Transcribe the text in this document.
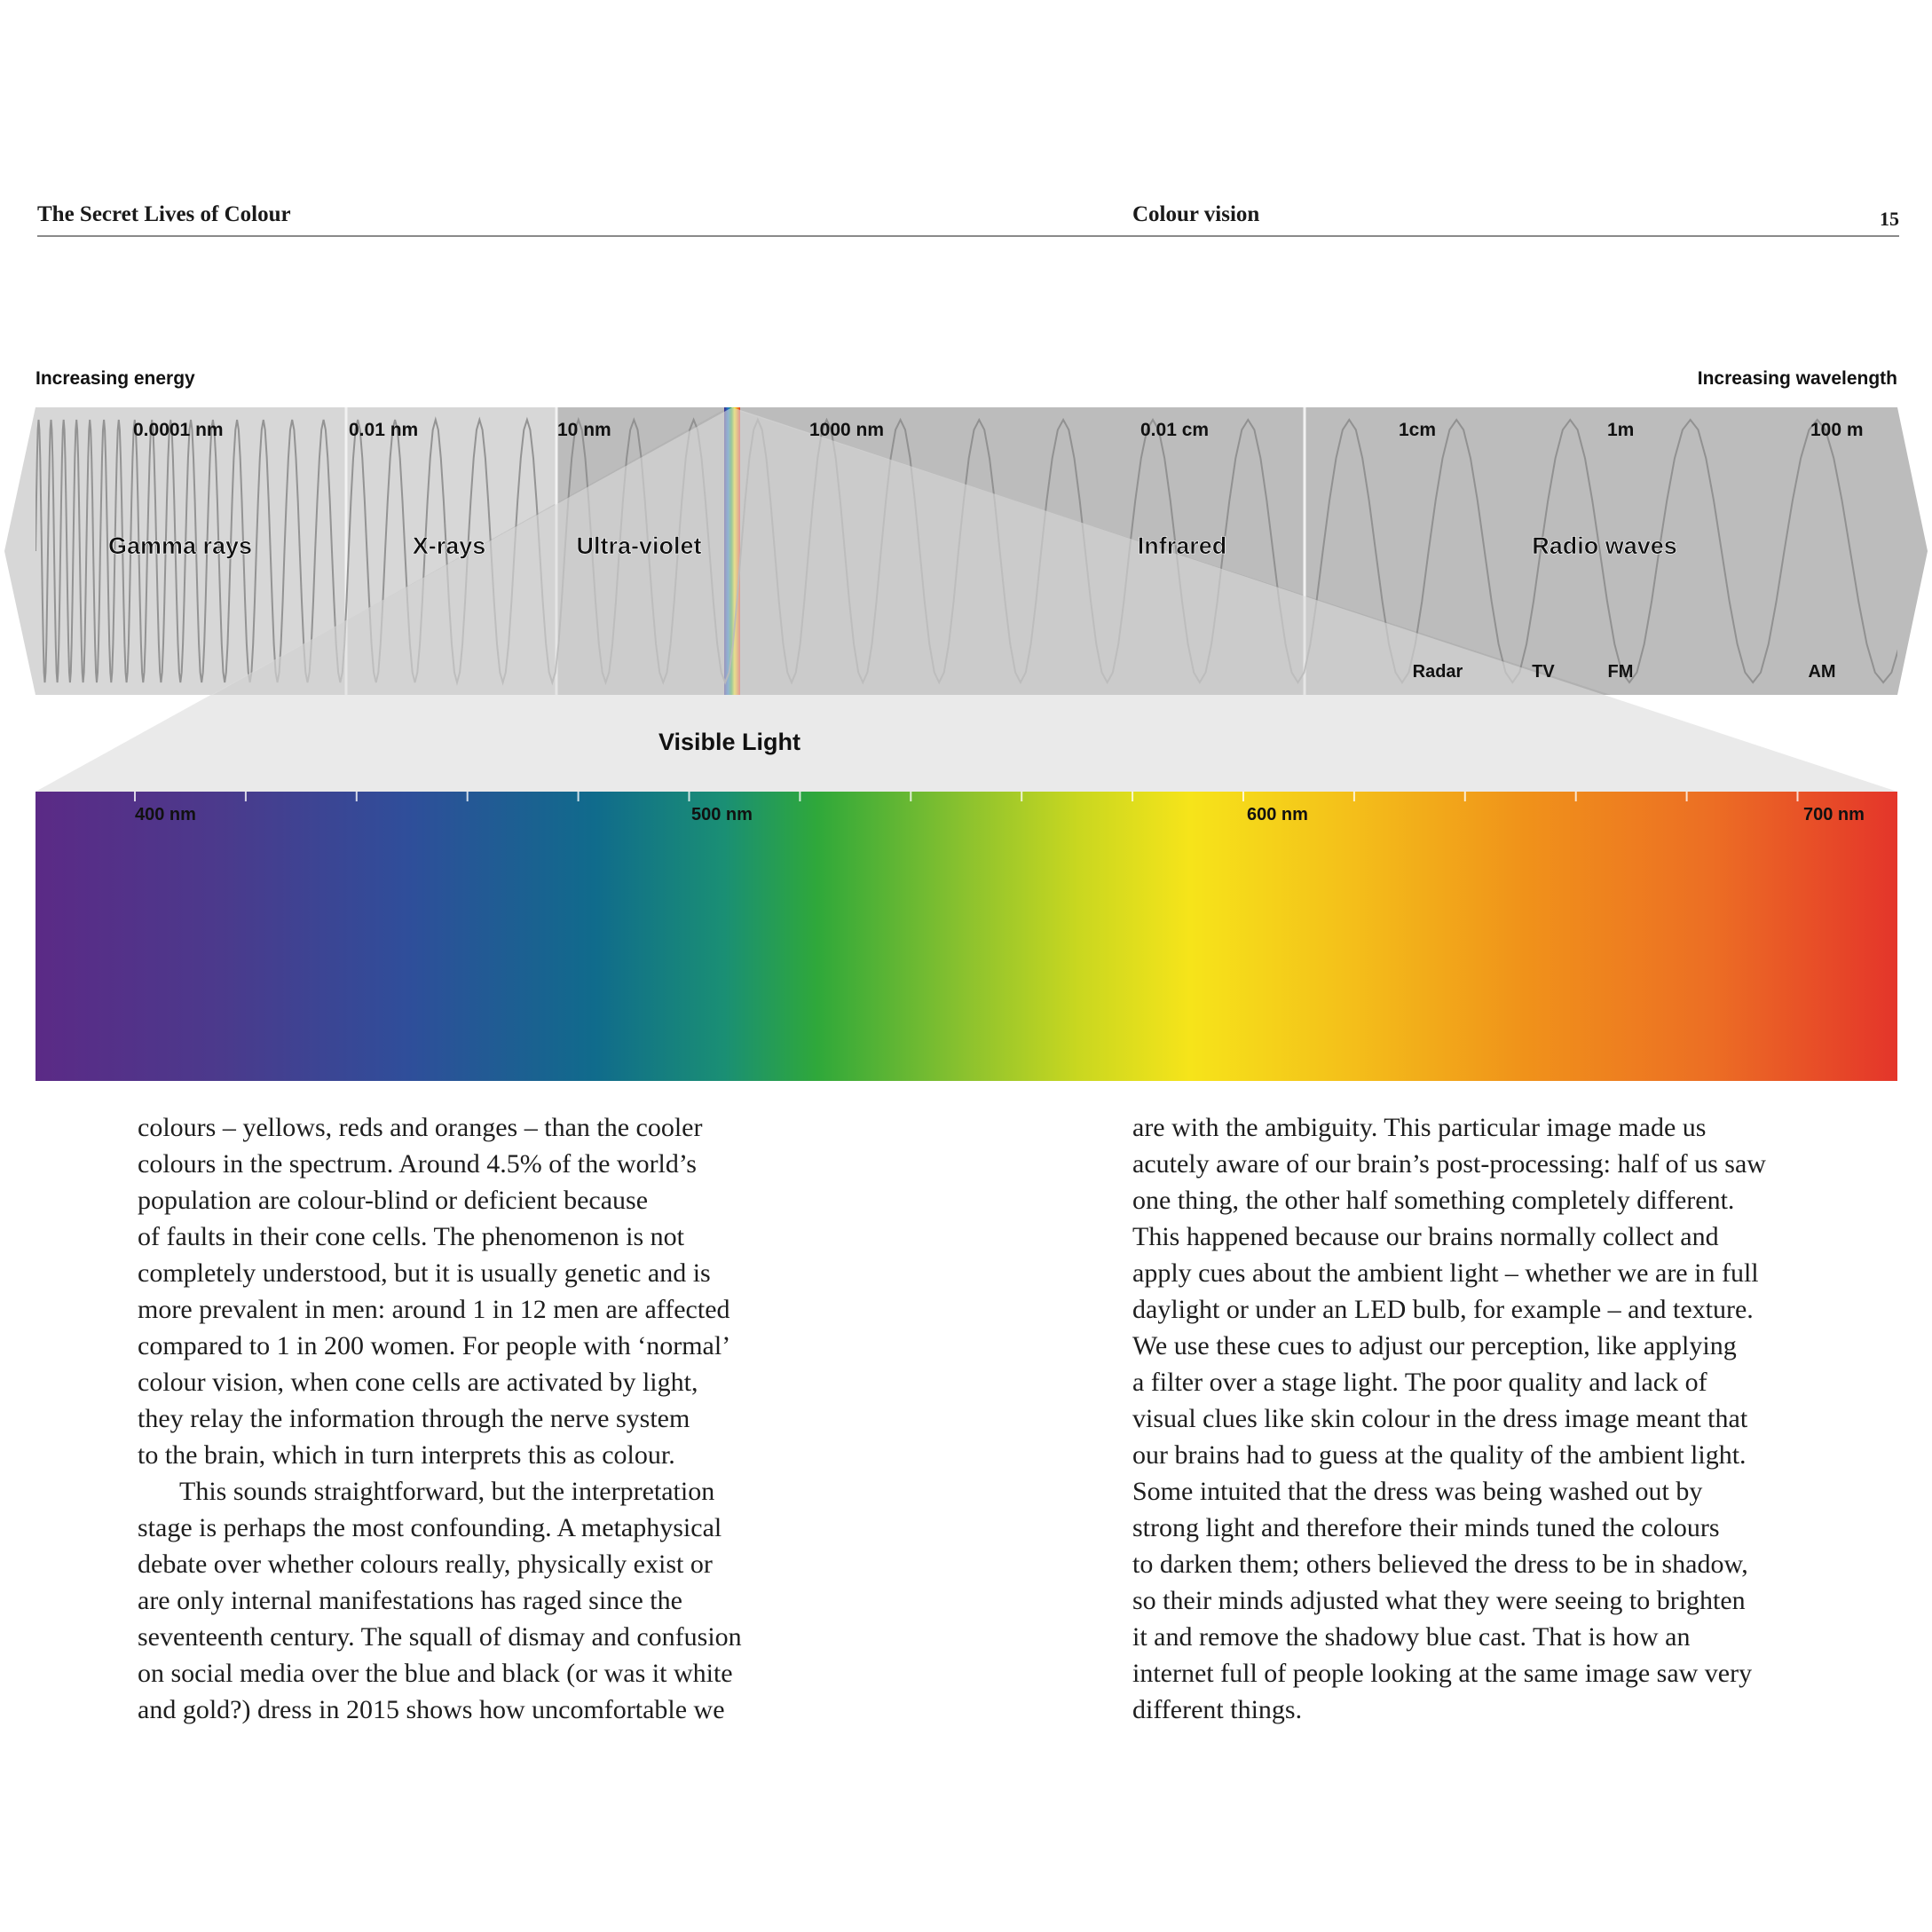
The Secret Lives of Colour	Colour vision	15
Increasing energy	Increasing wavelength
0.0001 nm	0.01 nm	10 nm	1000 nm	0.01 cm	1cm	1m	100 m
Gamma rays	X-rays	Ultra-violet	Infrared	Radio waves
Radar	TV	FM	AM
Visible Light
400 nm	500 nm	600 nm	700 nm

colours – yellows, reds and oranges – than the cooler
colours in the spectrum. Around 4.5% of the world’s
population are colour-blind or deficient because
of faults in their cone cells. The phenomenon is not
completely understood, but it is usually genetic and is
more prevalent in men: around 1 in 12 men are affected
compared to 1 in 200 women. For people with ‘normal’
colour vision, when cone cells are activated by light,
they relay the information through the nerve system
to the brain, which in turn interprets this as colour.

This sounds straightforward, but the interpretation
stage is perhaps the most confounding. A metaphysical
debate over whether colours really, physically exist or
are only internal manifestations has raged since the
seventeenth century. The squall of dismay and confusion
on social media over the blue and black (or was it white
and gold?) dress in 2015 shows how uncomfortable we

are with the ambiguity. This particular image made us
acutely aware of our brain’s post-processing: half of us saw
one thing, the other half something completely different.
This happened because our brains normally collect and
apply cues about the ambient light – whether we are in full
daylight or under an LED bulb, for example – and texture.
We use these cues to adjust our perception, like applying
a filter over a stage light. The poor quality and lack of
visual clues like skin colour in the dress image meant that
our brains had to guess at the quality of the ambient light.
Some intuited that the dress was being washed out by
strong light and therefore their minds tuned the colours
to darken them; others believed the dress to be in shadow,
so their minds adjusted what they were seeing to brighten
it and remove the shadowy blue cast. That is how an
internet full of people looking at the same image saw very
different things.
